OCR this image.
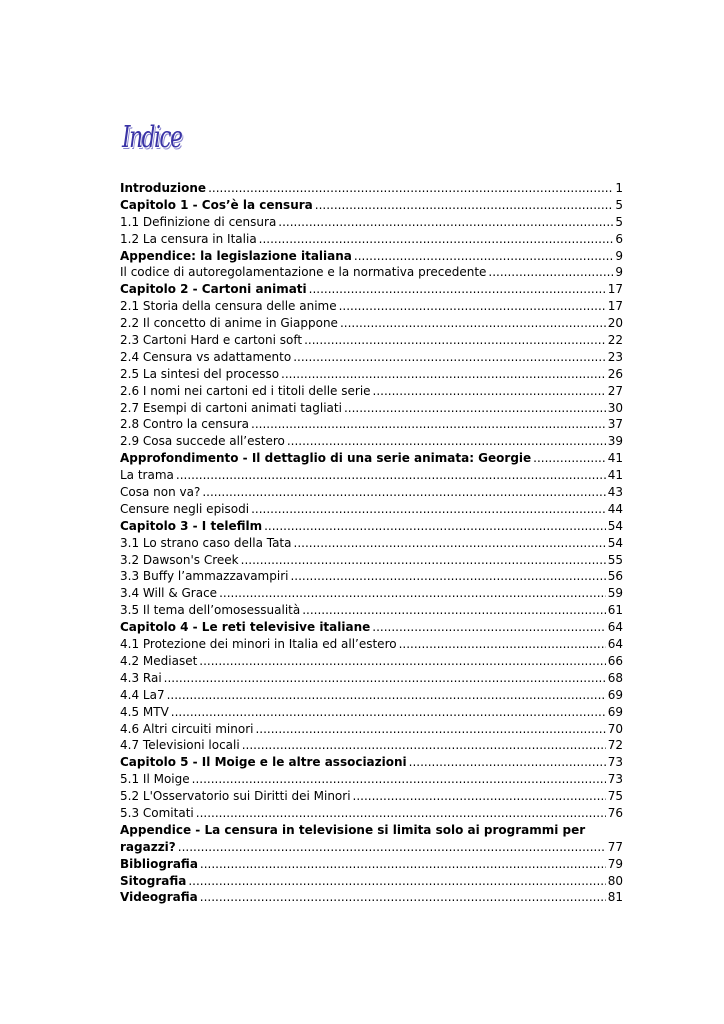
Indice
Introduzione .....	1
Capitolo 1 - Cos’è la censura .....	5
1.1 Definizione di censura .....	5
1.2 La censura in Italia .....	6
Appendice: la legislazione italiana .....	9
Il codice di autoregolamentazione e la normativa precedente .....	9
Capitolo 2 - Cartoni animati .....	17
2.1 Storia della censura delle anime .....	17
2.2 Il concetto di anime in Giappone .....	20
2.3 Cartoni Hard e cartoni soft .....	22
2.4 Censura vs adattamento .....	23
2.5 La sintesi del processo .....	26
2.6 I nomi nei cartoni ed i titoli delle serie .....	27
2.7 Esempi di cartoni animati tagliati .....	30
2.8 Contro la censura .....	37
2.9 Cosa succede all’estero .....	39
Approfondimento - Il dettaglio di una serie animata: Georgie .....	41
La trama .....	41
Cosa non va? .....	43
Censure negli episodi .....	44
Capitolo 3 - I telefilm .....	54
3.1 Lo strano caso della Tata .....	54
3.2 Dawson's Creek .....	55
3.3 Buffy l’ammazzavampiri .....	56
3.4 Will & Grace .....	59
3.5 Il tema dell’omosessualità .....	61
Capitolo 4 - Le reti televisive italiane .....	64
4.1 Protezione dei minori in Italia ed all’estero .....	64
4.2 Mediaset .....	66
4.3 Rai .....	68
4.4 La7 .....	69
4.5 MTV .....	69
4.6 Altri circuiti minori .....	70
4.7 Televisioni locali .....	72
Capitolo 5 - Il Moige e le altre associazioni .....	73
5.1 Il Moige .....	73
5.2 L'Osservatorio sui Diritti dei Minori .....	75
5.3 Comitati .....	76
Appendice - La censura in televisione si limita solo ai programmi per
ragazzi? .....	77
Bibliografia .....	79
Sitografia .....	80
Videografia .....	81
